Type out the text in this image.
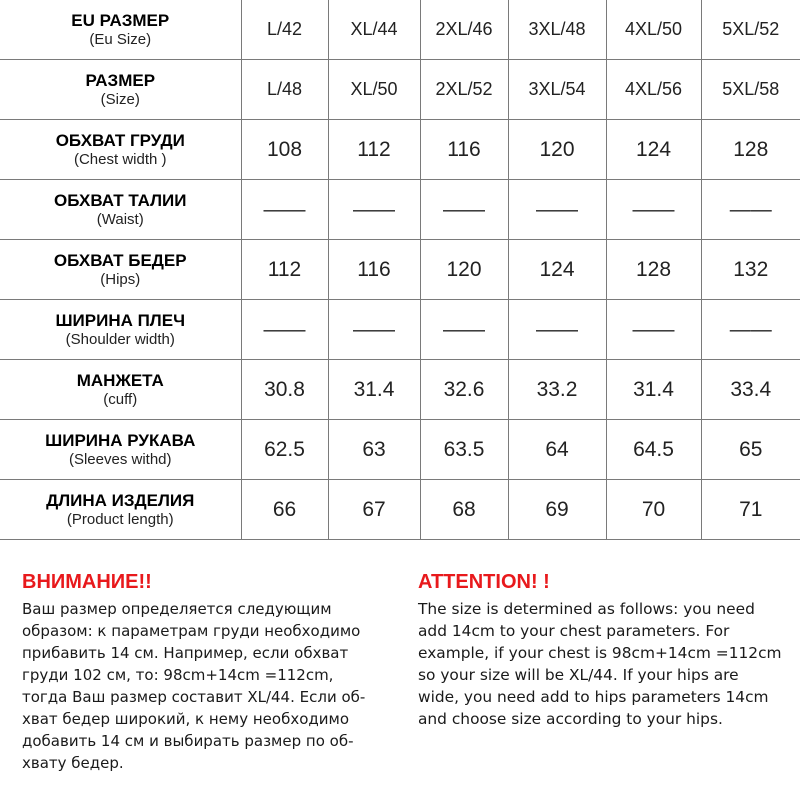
EU РАЗМЕР
(Eu Size)	L/42	XL/44	2XL/46	3XL/48	4XL/50	5XL/52

РАЗМЕР
(Size)	L/48	XL/50	2XL/52	3XL/54	4XL/56	5XL/58

ОБХВАТ ГРУДИ
(Chest width )	108	112	116	120	124	128

ОБХВАТ ТАЛИИ
(Waist)	——	——	——	——	——	——

ОБХВАТ БЕДЕР
(Hips)	112	116	120	124	128	132

ШИРИНА ПЛЕЧ
(Shoulder width)	——	——	——	——	——	——

МАНЖЕТА
(cuff)	30.8	31.4	32.6	33.2	31.4	33.4

ШИРИНА РУКАВА
(Sleeves withd)	62.5	63	63.5	64	64.5	65

ДЛИНА ИЗДЕЛИЯ
(Product length)	66	67	68	69	70	71

ВНИМАНИЕ!!

Ваш размер определяется следующим
образом: к параметрам груди необходимо
прибавить 14 см. Например, если обхват
груди 102 см, то: 98cm+14cm =112cm,
тогда Ваш размер составит XL/44. Если об-
хват бедер широкий, к нему необходимо
добавить 14 см и выбирать размер по об-
хвату бедер.

ATTENTION! !

The size is determined as follows: you need
add 14cm to your chest parameters. For
example, if your chest is 98cm+14cm =112cm
so your size will be XL/44. If your hips are
wide, you need add to hips parameters 14cm
and choose size according to your hips.
